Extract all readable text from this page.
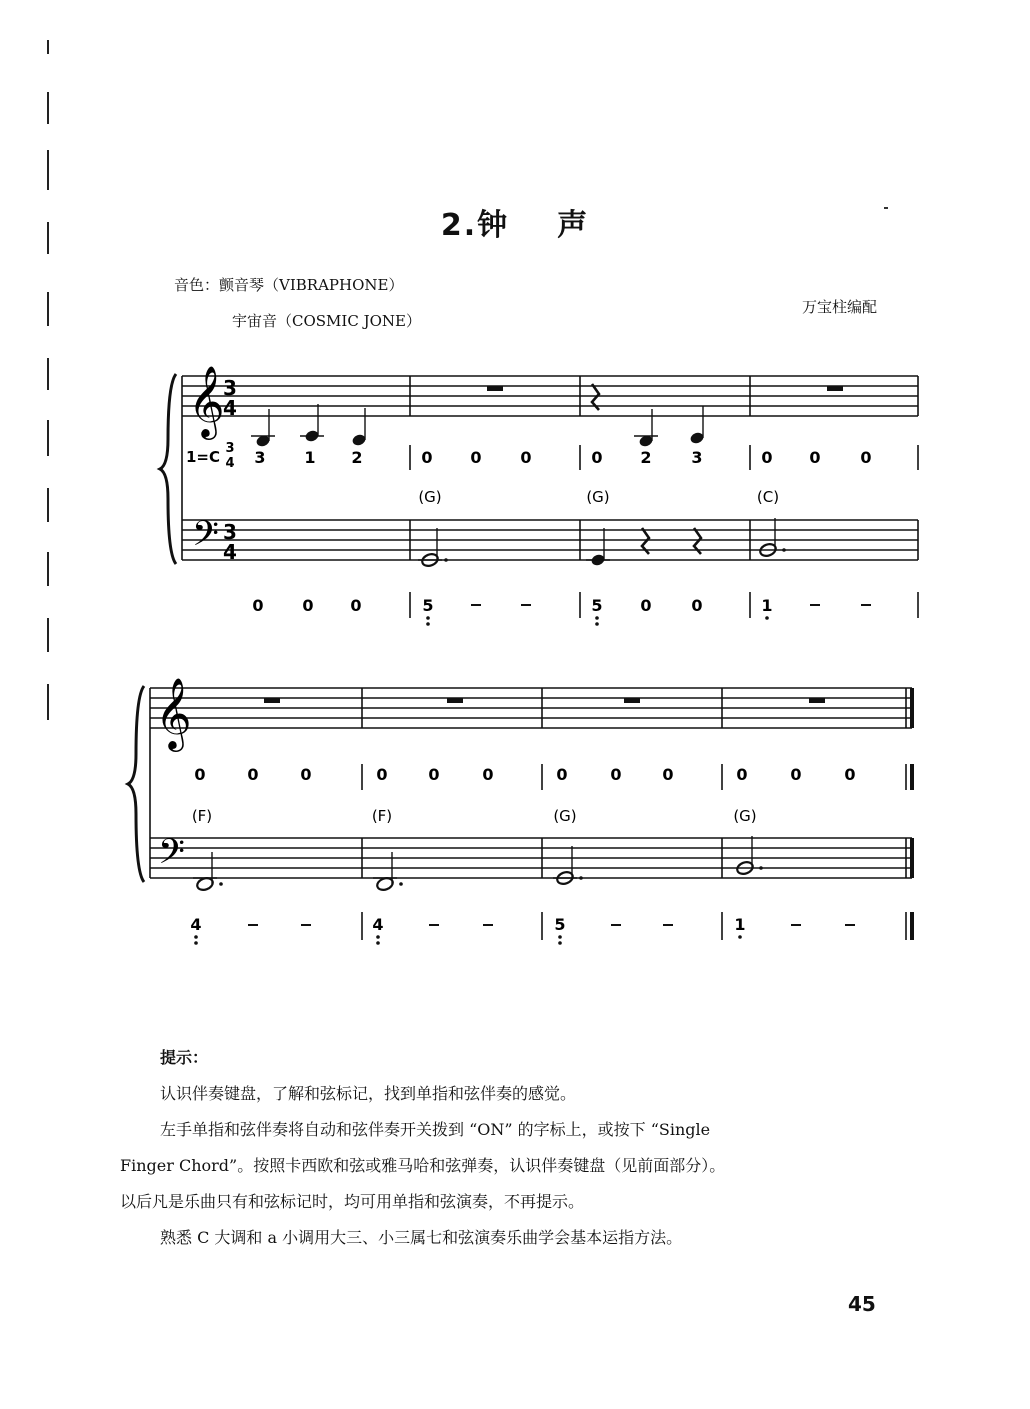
2.钟 声
音色：颤音琴（VIBRAPHONE）
宇宙音（COSMIC JONE）
万宝柱编配
𝄞
3
4
𝄢 3
4
1=C 3
4 3 1 2	0 0 0	0 2 3	0 0 0
(G)	(G)	(C)
0 0 0	5	5 0 0	1
𝄞
𝄢
0	0	0	0	0	0	0	0	0	0	0	0
(F)	(F)	(G)	(G)
4	4	5	1

提示：

认识伴奏键盘，了解和弦标记，找到单指和弦伴奏的感觉。

左手单指和弦伴奏将自动和弦伴奏开关拨到 “ON” 的字标上，或按下 “Single

Finger Chord”。按照卡西欧和弦或雅马哈和弦弹奏，认识伴奏键盘（见前面部分）。

以后凡是乐曲只有和弦标记时，均可用单指和弦演奏，不再提示。

熟悉 C 大调和 a 小调用大三、小三属七和弦演奏乐曲学会基本运指方法。

45
